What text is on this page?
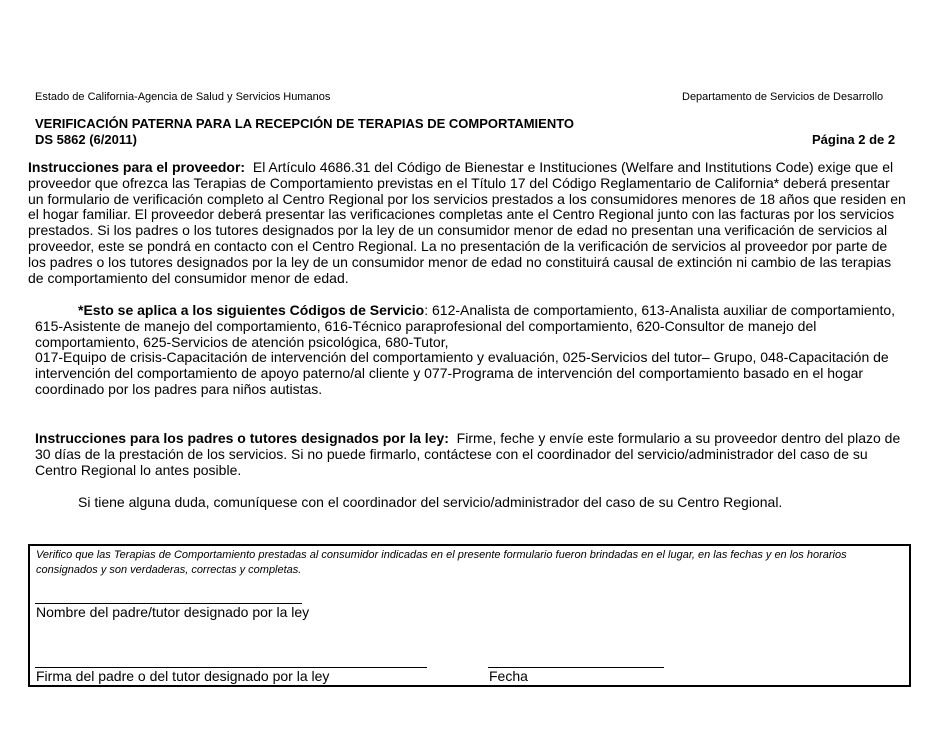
Estado de California-Agencia de Salud y Servicios Humanos	Departamento de Servicios de Desarrollo
VERIFICACIÓN PATERNA PARA LA RECEPCIÓN DE TERAPIAS DE COMPORTAMIENTO
DS 5862 (6/2011)	Página 2 de 2
Instrucciones para el proveedor: El Artículo 4686.31 del Código de Bienestar e Instituciones (Welfare and Institutions Code) exige que el proveedor que ofrezca las Terapias de Comportamiento previstas en el Título 17 del Código Reglamentario de California* deberá presentar un formulario de verificación completo al Centro Regional por los servicios prestados a los consumidores menores de 18 años que residen en el hogar familiar. El proveedor deberá presentar las verificaciones completas ante el Centro Regional junto con las facturas por los servicios prestados. Si los padres o los tutores designados por la ley de un consumidor menor de edad no presentan una verificación de servicios al proveedor, este se pondrá en contacto con el Centro Regional. La no presentación de la verificación de servicios al proveedor por parte de los padres o los tutores designados por la ley de un consumidor menor de edad no constituirá causal de extinción ni cambio de las terapias de comportamiento del consumidor menor de edad.
*Esto se aplica a los siguientes Códigos de Servicio: 612-Analista de comportamiento, 613-Analista auxiliar de comportamiento,
615-Asistente de manejo del comportamiento, 616-Técnico paraprofesional del comportamiento, 620-Consultor de manejo del comportamiento, 625-Servicios de atención psicológica, 680-Tutor,
017-Equipo de crisis-Capacitación de intervención del comportamiento y evaluación, 025-Servicios del tutor– Grupo, 048-Capacitación de intervención del comportamiento de apoyo paterno/al cliente y 077-Programa de intervención del comportamiento basado en el hogar coordinado por los padres para niños autistas.
Instrucciones para los padres o tutores designados por la ley: Firme, feche y envíe este formulario a su proveedor dentro del plazo de 30 días de la prestación de los servicios. Si no puede firmarlo, contáctese con el coordinador del servicio/administrador del caso de su Centro Regional lo antes posible.
Si tiene alguna duda, comuníquese con el coordinador del servicio/administrador del caso de su Centro Regional.
Verifico que las Terapias de Comportamiento prestadas al consumidor indicadas en el presente formulario fueron brindadas en el lugar, en las fechas y en los horarios consignados y son verdaderas, correctas y completas.
Nombre del padre/tutor designado por la ley
Firma del padre o del tutor designado por la ley	Fecha
